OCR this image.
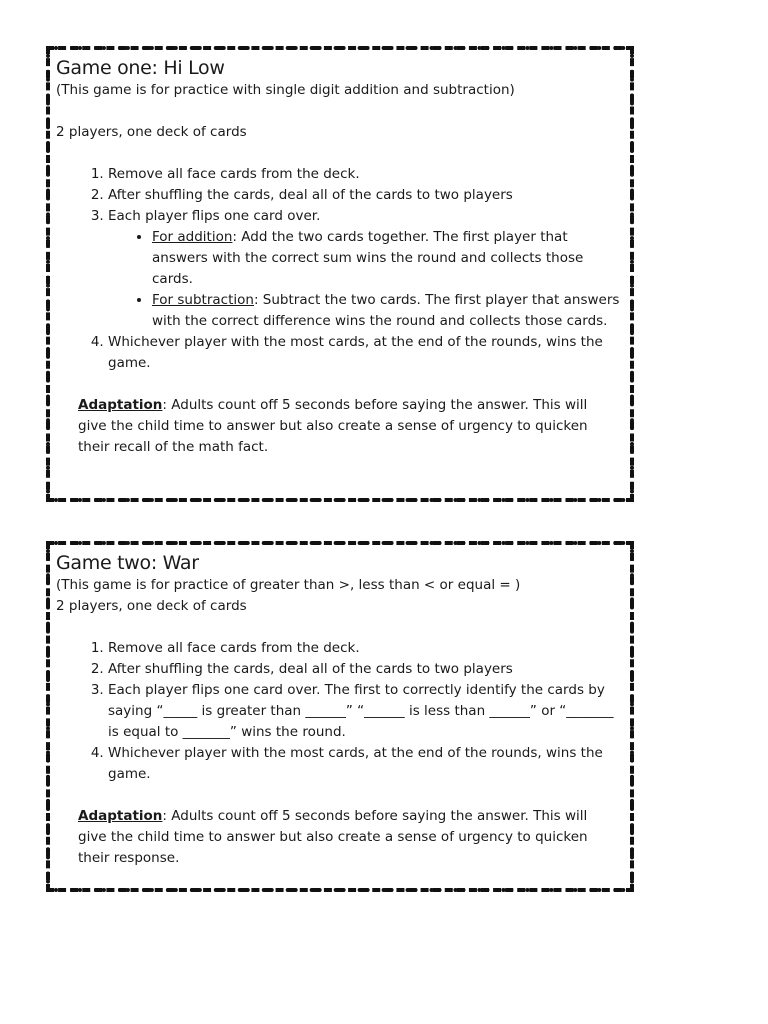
Game one: Hi Low

(This game is for practice with single digit addition and subtraction)

2 players, one deck of cards

1. Remove all face cards from the deck.
2. After shuffling the cards, deal all of the cards to two players
3. Each player flips one card over.
• For addition: Add the two cards together. The first player that answers with the correct sum wins the round and collects those cards.
• For subtraction: Subtract the two cards. The first player that answers with the correct difference wins the round and collects those cards.
4. Whichever player with the most cards, at the end of the rounds, wins the game.

Adaptation: Adults count off 5 seconds before saying the answer. This will give the child time to answer but also create a sense of urgency to quicken their recall of the math fact.

Game two: War

(This game is for practice of greater than >, less than < or equal = )

2 players, one deck of cards

1. Remove all face cards from the deck.
2. After shuffling the cards, deal all of the cards to two players
3. Each player flips one card over. The first to correctly identify the cards by saying “_____ is greater than ______” “______ is less than ______” or “_______ is equal to _______” wins the round.
4. Whichever player with the most cards, at the end of the rounds, wins the game.

Adaptation: Adults count off 5 seconds before saying the answer. This will give the child time to answer but also create a sense of urgency to quicken their response.
